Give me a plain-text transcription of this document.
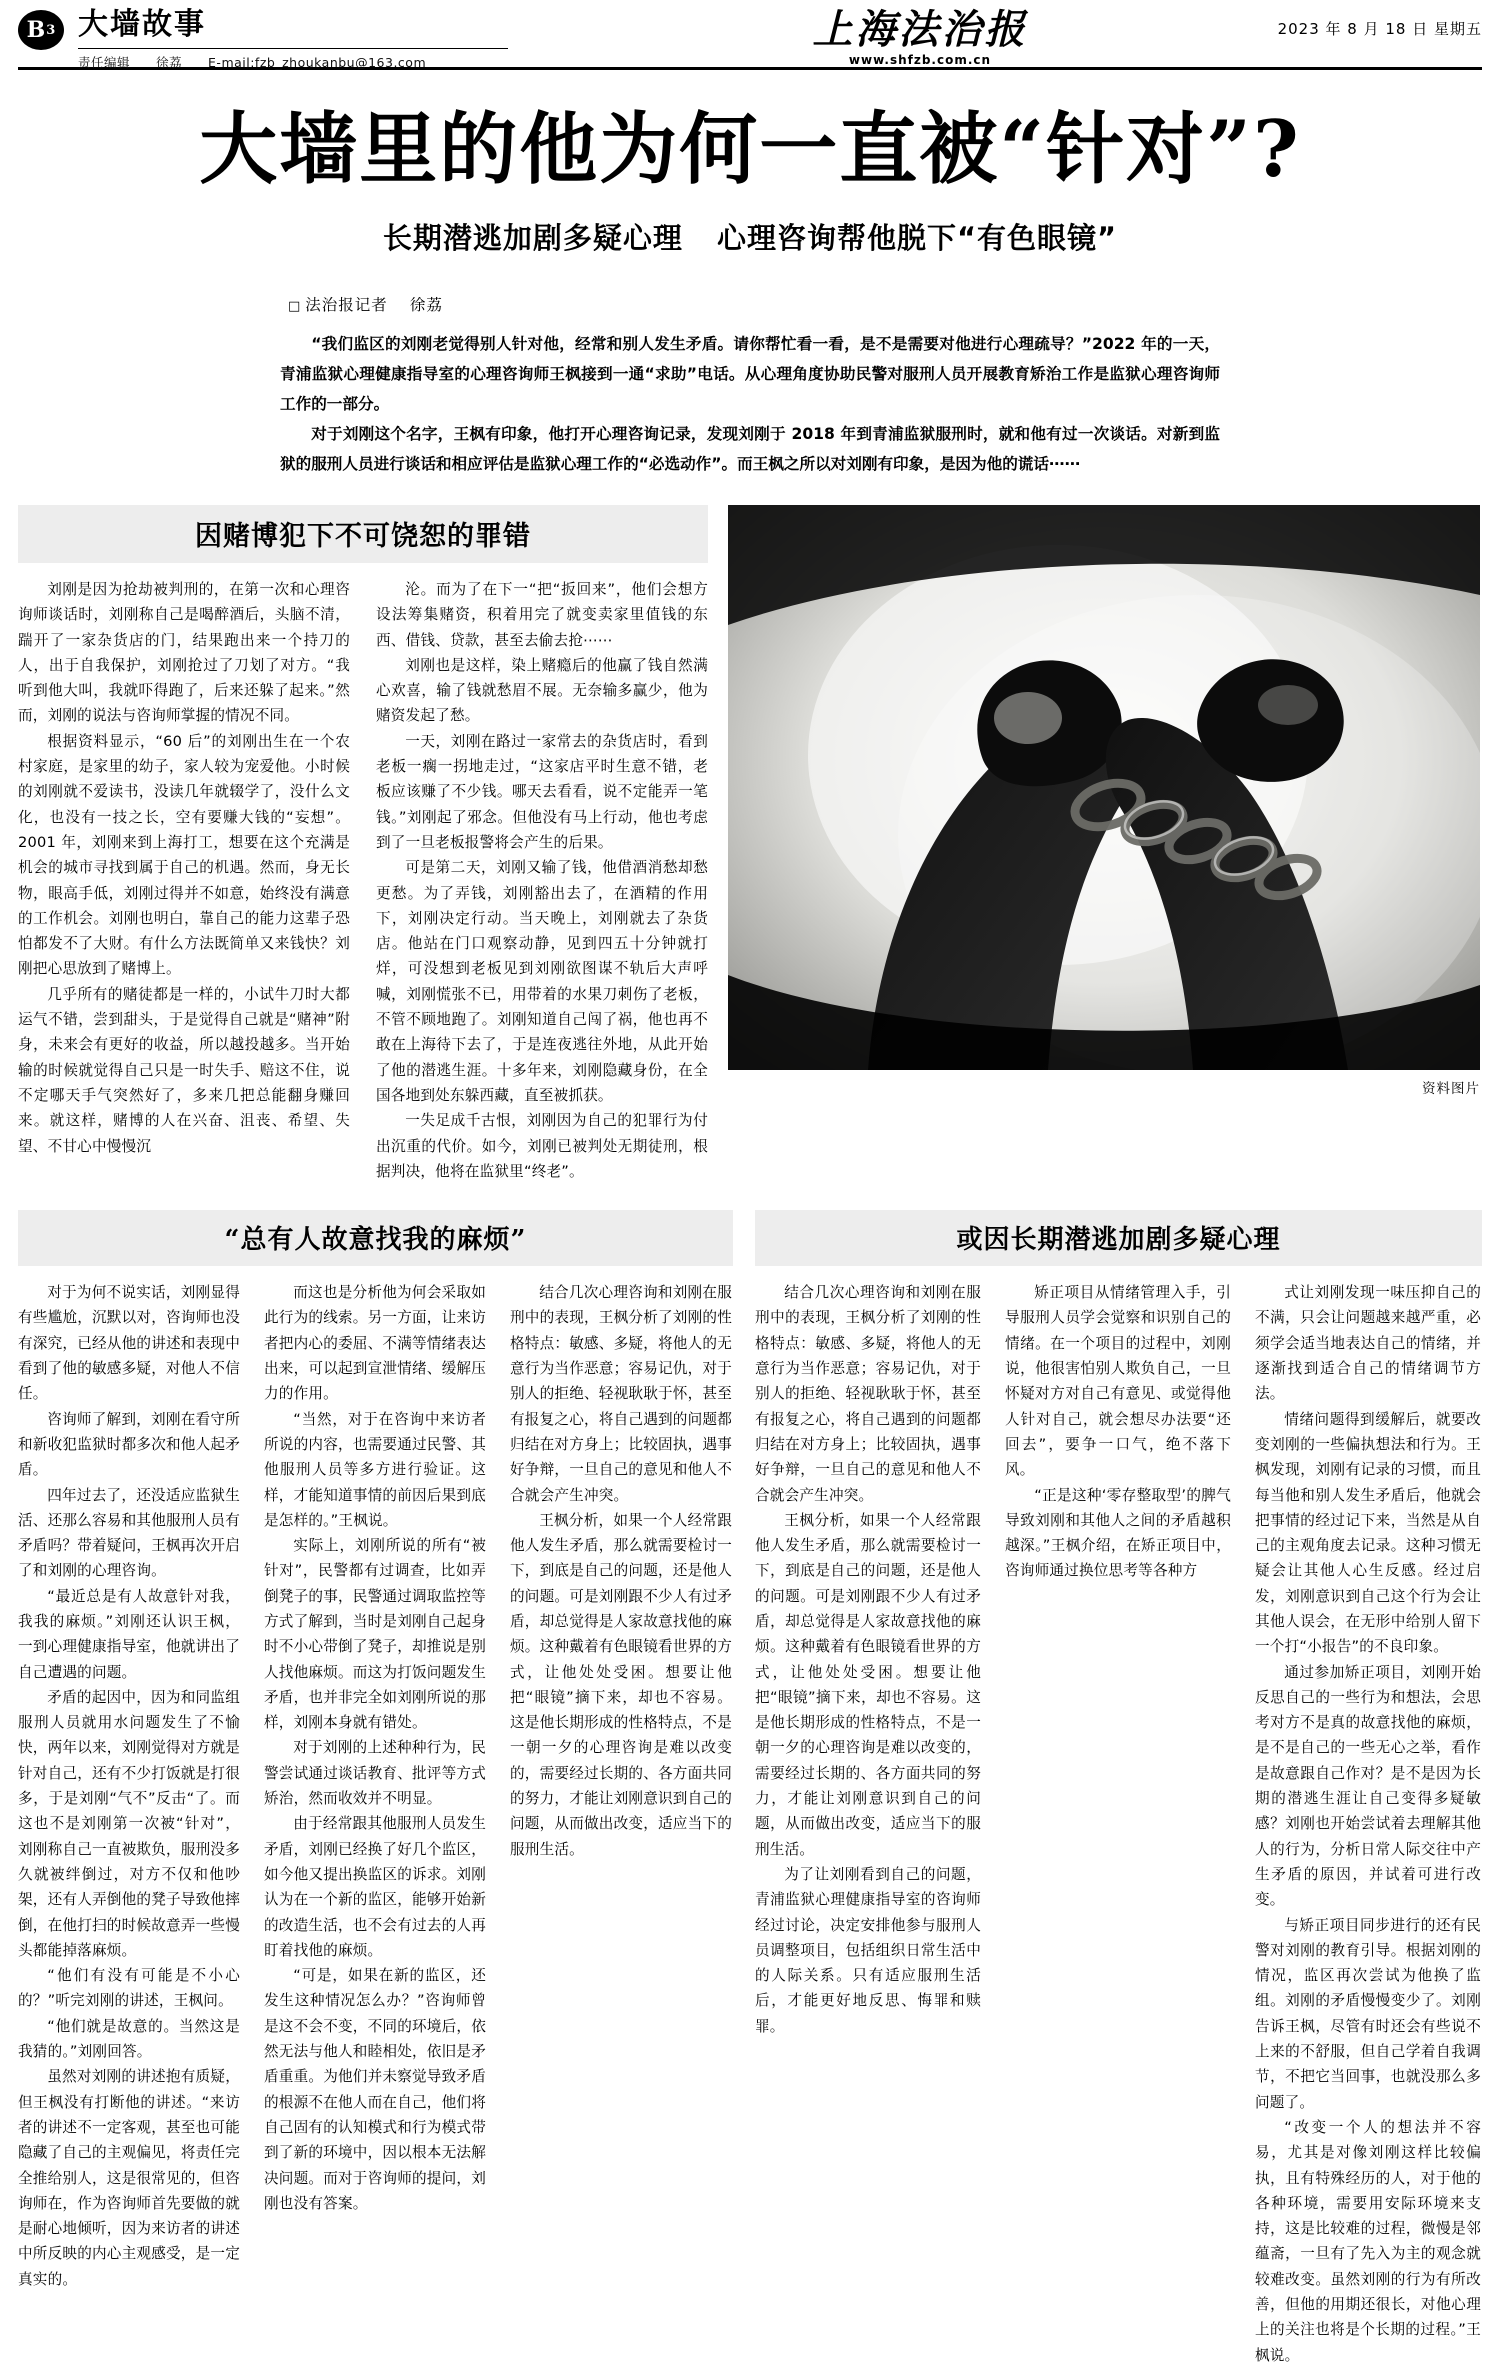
B 3 大墙故事
责任编辑 徐荔 E-mail:fzb_zhoukanbu@163.com
上海法治报
www.shfzb.com.cn
2023 年 8 月 18 日 星期五
大墙里的他为何一直被“针对”?
长期潜逃加剧多疑心理 心理咨询帮他脱下“有色眼镜”
□ 法治报记者 徐荔

“我们监区的刘刚老觉得别人针对他，经常和别人发生矛盾。请你帮忙看一看，是不是需要对他进行心理疏导？”2022 年的一天，青浦监狱心理健康指导室的心理咨询师王枫接到一通“求助”电话。从心理角度协助民警对服刑人员开展教育矫治工作是监狱心理咨询师工作的一部分。

对于刘刚这个名字，王枫有印象，他打开心理咨询记录，发现刘刚于 2018 年到青浦监狱服刑时，就和他有过一次谈话。对新到监狱的服刑人员进行谈话和相应评估是监狱心理工作的“必选动作”。而王枫之所以对刘刚有印象，是因为他的谎话⋯⋯

因赌博犯下不可饶恕的罪错

刘刚是因为抢劫被判刑的，在第一次和心理咨询师谈话时，刘刚称自己是喝醉酒后，头脑不清，踹开了一家杂货店的门，结果跑出来一个持刀的人，出于自我保护，刘刚抢过了刀划了对方。“我听到他大叫，我就吓得跑了，后来还躲了起来。”然而，刘刚的说法与咨询师掌握的情况不同。

根据资料显示，“60 后”的刘刚出生在一个农村家庭，是家里的幼子，家人较为宠爱他。小时候的刘刚就不爱读书，没读几年就辍学了，没什么文化，也没有一技之长，空有要赚大钱的“妄想”。2001 年，刘刚来到上海打工，想要在这个充满是机会的城市寻找到属于自己的机遇。然而，身无长物，眼高手低，刘刚过得并不如意，始终没有满意的工作机会。刘刚也明白，靠自己的能力这辈子恐怕都发不了大财。有什么方法既简单又来钱快？刘刚把心思放到了赌博上。

几乎所有的赌徒都是一样的，小试牛刀时大都运气不错，尝到甜头，于是觉得自己就是“赌神”附身，未来会有更好的收益，所以越投越多。当开始输的时候就觉得自己只是一时失手、赔这不住，说不定哪天手气突然好了，多来几把总能翻身赚回来。就这样，赌博的人在兴奋、沮丧、希望、失望、不甘心中慢慢沉

沦。而为了在下一“把“扳回来”，他们会想方设法筹集赌资，积着用完了就变卖家里值钱的东西、借钱、贷款，甚至去偷去抢⋯⋯

刘刚也是这样，染上赌瘾后的他赢了钱自然满心欢喜，输了钱就愁眉不展。无奈输多赢少，他为赌资发起了愁。

一天，刘刚在路过一家常去的杂货店时，看到老板一瘸一拐地走过，“这家店平时生意不错，老板应该赚了不少钱。哪天去看看，说不定能弄一笔钱。”刘刚起了邪念。但他没有马上行动，他也考虑到了一旦老板报警将会产生的后果。

可是第二天，刘刚又输了钱，他借酒消愁却愁更愁。为了弄钱，刘刚豁出去了，在酒精的作用下，刘刚决定行动。当天晚上，刘刚就去了杂货店。他站在门口观察动静，见到四五十分钟就打烊，可没想到老板见到刘刚欲图谋不轨后大声呼喊，刘刚慌张不已，用带着的水果刀刺伤了老板，不管不顾地跑了。刘刚知道自己闯了祸，他也再不敢在上海待下去了，于是连夜逃往外地，从此开始了他的潜逃生涯。十多年来，刘刚隐藏身份，在全国各地到处东躲西藏，直至被抓获。

一失足成千古恨，刘刚因为自己的犯罪行为付出沉重的代价。如今，刘刚已被判处无期徒刑，根据判决，他将在监狱里“终老”。

资料图片
“总有人故意找我的麻烦”

对于为何不说实话，刘刚显得有些尴尬，沉默以对，咨询师也没有深究，已经从他的讲述和表现中看到了他的敏感多疑，对他人不信任。

咨询师了解到，刘刚在看守所和新收犯监狱时都多次和他人起矛盾。

四年过去了，还没适应监狱生活、还那么容易和其他服刑人员有矛盾吗？带着疑问，王枫再次开启了和刘刚的心理咨询。

“最近总是有人故意针对我，我我的麻烦。”刘刚还认识王枫，一到心理健康指导室，他就讲出了自己遭遇的问题。

矛盾的起因中，因为和同监组服刑人员就用水问题发生了不愉快，两年以来，刘刚觉得对方就是针对自己，还有不少打饭就是打很多，于是刘刚“气不”反击“了。而这也不是刘刚第一次被“针对”，刘刚称自己一直被欺负，服刑没多久就被绊倒过，对方不仅和他吵架，还有人弄倒他的凳子导致他摔倒，在他打扫的时候故意弄一些慢头都能掉落麻烦。

“他们有没有可能是不小心的？”听完刘刚的讲述，王枫问。

“他们就是故意的。当然这是我猜的。”刘刚回答。

虽然对刘刚的讲述抱有质疑，但王枫没有打断他的讲述。“来访者的讲述不一定客观，甚至也可能隐藏了自己的主观偏见，将责任完全推给别人，这是很常见的，但咨询师在，作为咨询师首先要做的就是耐心地倾听，因为来访者的讲述中所反映的内心主观感受，是一定真实的。

而这也是分析他为何会采取如此行为的线索。另一方面，让来访者把内心的委屈、不满等情绪表达出来，可以起到宣泄情绪、缓解压力的作用。

“当然，对于在咨询中来访者所说的内容，也需要通过民警、其他服刑人员等多方进行验证。这样，才能知道事情的前因后果到底是怎样的。”王枫说。

实际上，刘刚所说的所有“被针对”，民警都有过调查，比如弄倒凳子的事，民警通过调取监控等方式了解到，当时是刘刚自己起身时不小心带倒了凳子，却推说是别人找他麻烦。而这为打饭问题发生矛盾，也并非完全如刘刚所说的那样，刘刚本身就有错处。

对于刘刚的上述种种行为，民警尝试通过谈话教育、批评等方式矫治，然而收效并不明显。

由于经常跟其他服刑人员发生矛盾，刘刚已经换了好几个监区，如今他又提出换监区的诉求。刘刚认为在一个新的监区，能够开始新的改造生活，也不会有过去的人再盯着找他的麻烦。

“可是，如果在新的监区，还发生这种情况怎么办？”咨询师曾是这不会不变，不同的环境后，依然无法与他人和睦相处，依旧是矛盾重重。为他们并未察觉导致矛盾的根源不在他人而在自己，他们将自己固有的认知模式和行为模式带到了新的环境中，因以根本无法解决问题。而对于咨询师的提问，刘刚也没有答案。

结合几次心理咨询和刘刚在服刑中的表现，王枫分析了刘刚的性格特点：敏感、多疑，将他人的无意行为当作恶意；容易记仇，对于别人的拒绝、轻视耿耿于怀，甚至有报复之心，将自己遇到的问题都归结在对方身上；比较固执，遇事好争辩，一旦自己的意见和他人不合就会产生冲突。

王枫分析，如果一个人经常跟他人发生矛盾，那么就需要检讨一下，到底是自己的问题，还是他人的问题。可是刘刚跟不少人有过矛盾，却总觉得是人家故意找他的麻烦。这种戴着有色眼镜看世界的方式，让他处处受困。想要让他把“眼镜”摘下来，却也不容易。这是他长期形成的性格特点，不是一朝一夕的心理咨询是难以改变的，需要经过长期的、各方面共同的努力，才能让刘刚意识到自己的问题，从而做出改变，适应当下的服刑生活。

或因长期潜逃加剧多疑心理

结合几次心理咨询和刘刚在服刑中的表现，王枫分析了刘刚的性格特点：敏感、多疑，将他人的无意行为当作恶意；容易记仇，对于别人的拒绝、轻视耿耿于怀，甚至有报复之心，将自己遇到的问题都归结在对方身上；比较固执，遇事好争辩，一旦自己的意见和他人不合就会产生冲突。

王枫分析，如果一个人经常跟他人发生矛盾，那么就需要检讨一下，到底是自己的问题，还是他人的问题。可是刘刚跟不少人有过矛盾，却总觉得是人家故意找他的麻烦。这种戴着有色眼镜看世界的方式，让他处处受困。想要让他把“眼镜”摘下来，却也不容易。这是他长期形成的性格特点，不是一朝一夕的心理咨询是难以改变的，需要经过长期的、各方面共同的努力，才能让刘刚意识到自己的问题，从而做出改变，适应当下的服刑生活。

为了让刘刚看到自己的问题，青浦监狱心理健康指导室的咨询师经过讨论，决定安排他参与服刑人员调整项目，包括组织日常生活中的人际关系。只有适应服刑生活后，才能更好地反思、悔罪和赎罪。

矫正项目从情绪管理入手，引导服刑人员学会觉察和识别自己的情绪。在一个项目的过程中，刘刚说，他很害怕别人欺负自己，一旦怀疑对方对自己有意见、或觉得他人针对自己，就会想尽办法要“还回去”，要争一口气，绝不落下风。

“正是这种‘零存整取型’的脾气导致刘刚和其他人之间的矛盾越积越深。”王枫介绍，在矫正项目中，咨询师通过换位思考等各种方

式让刘刚发现一味压抑自己的不满，只会让问题越来越严重，必须学会适当地表达自己的情绪，并逐渐找到适合自己的情绪调节方法。

情绪问题得到缓解后，就要改变刘刚的一些偏执想法和行为。王枫发现，刘刚有记录的习惯，而且每当他和别人发生矛盾后，他就会把事情的经过记下来，当然是从自己的主观角度去记录。这种习惯无疑会让其他人心生反感。经过启发，刘刚意识到自己这个行为会让其他人误会，在无形中给别人留下一个打“小报告”的不良印象。

通过参加矫正项目，刘刚开始反思自己的一些行为和想法，会思考对方不是真的故意找他的麻烦，是不是自己的一些无心之举，看作是故意跟自己作对？是不是因为长期的潜逃生涯让自己变得多疑敏感？刘刚也开始尝试着去理解其他人的行为，分析日常人际交往中产生矛盾的原因，并试着可进行改变。

与矫正项目同步进行的还有民警对刘刚的教育引导。根据刘刚的情况，监区再次尝试为他换了监组。刘刚的矛盾慢慢变少了。刘刚告诉王枫，尽管有时还会有些说不上来的不舒服，但自己学着自我调节，不把它当回事，也就没那么多问题了。

“改变一个人的想法并不容易，尤其是对像刘刚这样比较偏执，且有特殊经历的人，对于他的各种环境，需要用安际环境来支持，这是比较难的过程，微慢是邻蕴斋，一旦有了先入为主的观念就较难改变。虽然刘刚的行为有所改善，但他的用期还很长，对他心理上的关注也将是个长期的过程。”王枫说。
